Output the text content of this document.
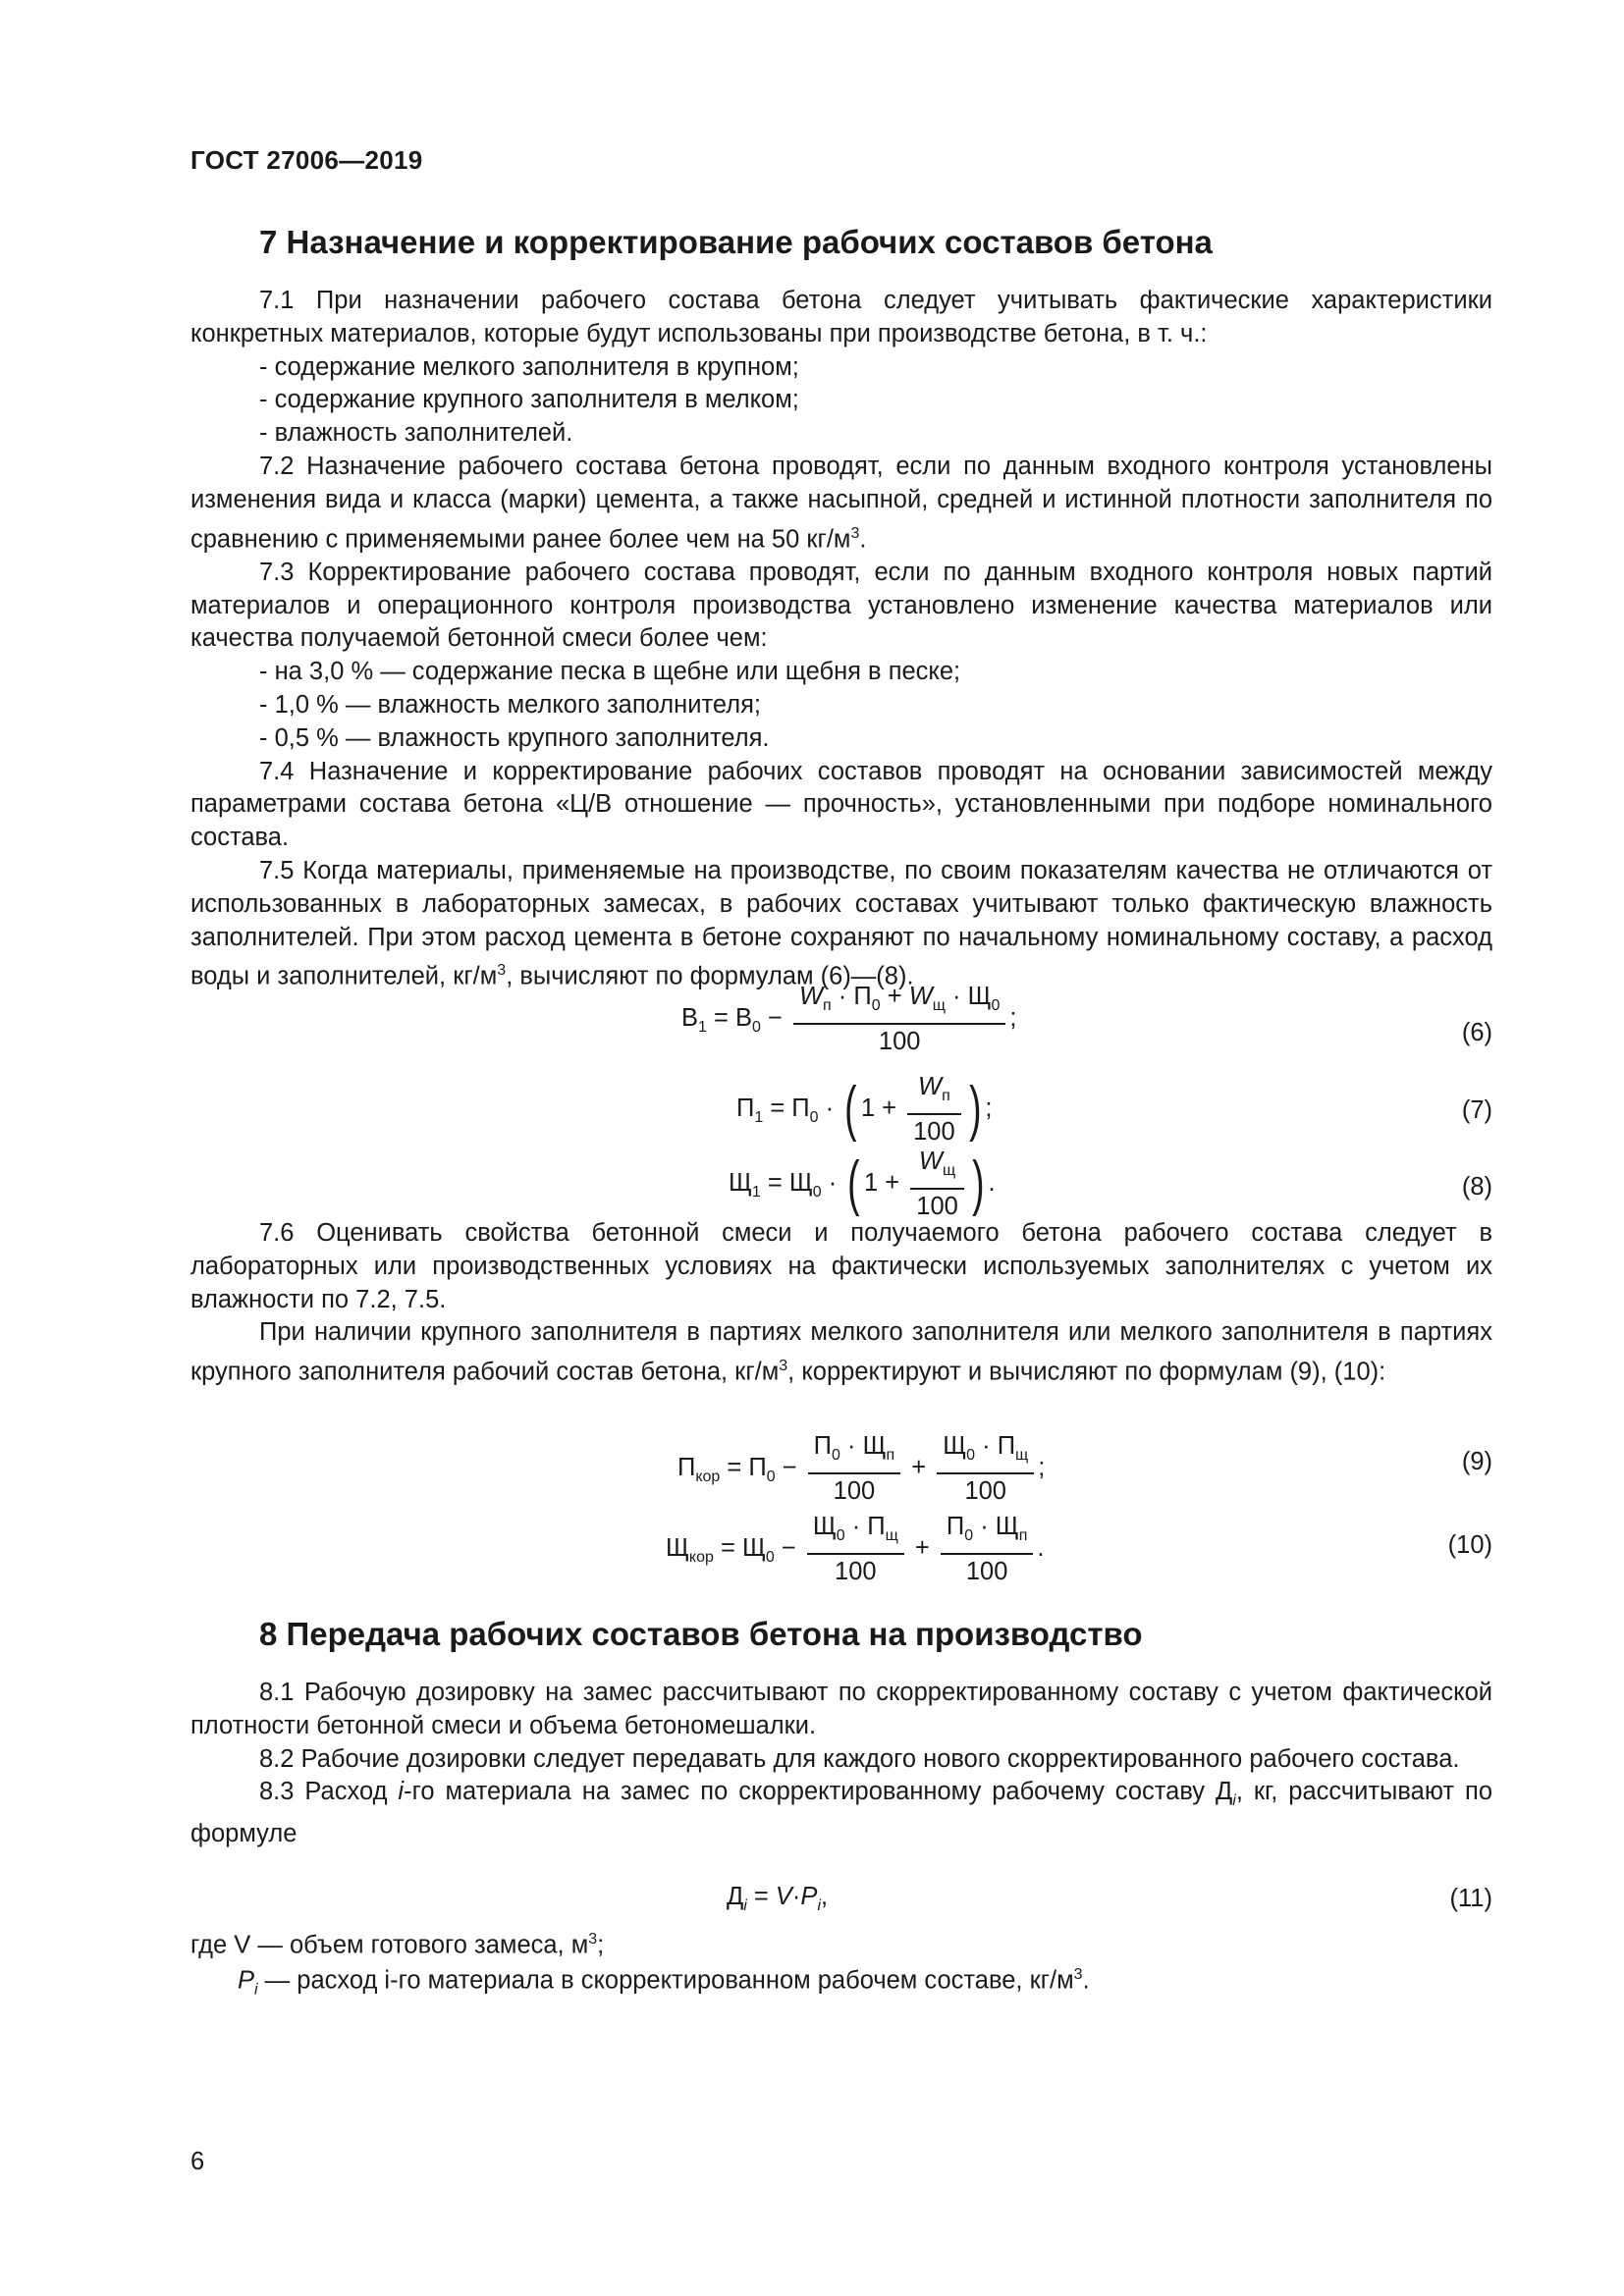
ГОСТ 27006—2019
7 Назначение и корректирование рабочих составов бетона

7.1 При назначении рабочего состава бетона следует учитывать фактические характеристики конкретных материалов, которые будут использованы при производстве бетона, в т. ч.:

- содержание мелкого заполнителя в крупном;

- содержание крупного заполнителя в мелком;

- влажность заполнителей.

7.2 Назначение рабочего состава бетона проводят, если по данным входного контроля установлены изменения вида и класса (марки) цемента, а также насыпной, средней и истинной плотности заполнителя по сравнению с применяемыми ранее более чем на 50 $кг/м^3$.

7.3 Корректирование рабочего состава проводят, если по данным входного контроля новых партий материалов и операционного контроля производства установлено изменение качества материалов или качества получаемой бетонной смеси более чем:

- на 3,0 % — содержание песка в щебне или щебня в песке;

- 1,0 % — влажность мелкого заполнителя;

- 0,5 % — влажность крупного заполнителя.

7.4 Назначение и корректирование рабочих составов проводят на основании зависимостей между параметрами состава бетона «Ц/В отношение — прочность», установленными при подборе номинального состава.

7.5 Когда материалы, применяемые на производстве, по своим показателям качества не отличаются от использованных в лабораторных замесах, в рабочих составах учитывают только фактическую влажность заполнителей. При этом расход цемента в бетоне сохраняют по начальному номинальному составу, а расход воды и заполнителей, $кг/м^3$, вычисляют по формулам (6)—(8).

$В_1 = В_0 - \frac{W_п \cdot П_0 + W_щ \cdot Щ_0}{100}$ ;
(6)
$П_1 = П_0$ · ( $1 + \frac{W_п}{100}$ ) ;	(7)
$Щ_1 = Щ_0$ · ( $1 + \frac{W_щ}{100}$ ) .	(8)

7.6 Оценивать свойства бетонной смеси и получаемого бетона рабочего состава следует в лабораторных или производственных условиях на фактически используемых заполнителях с учетом их влажности по 7.2, 7.5.

При наличии крупного заполнителя в партиях мелкого заполнителя или мелкого заполнителя в партиях крупного заполнителя рабочий состав бетона, $кг/м^3$, корректируют и вычисляют по формулам (9), (10):

$П_{кор} = П_0 - \frac{П_0 \cdot Щ_п}{100} + \frac{Щ_0 \cdot П_щ}{100}$ ;	(9)
$Щ_{кор} = Щ_0 - \frac{Щ_0 \cdot П_щ}{100} + \frac{П_0 \cdot Щ_п}{100}$ .	(10)
8 Передача рабочих составов бетона на производство

8.1 Рабочую дозировку на замес рассчитывают по скорректированному составу с учетом фактической плотности бетонной смеси и объема бетономешалки.

8.2 Рабочие дозировки следует передавать для каждого нового скорректированного рабочего состава.

8.3 Расход i-го материала на замес по скорректированному рабочему составу $Д_i$, кг, рассчитывают по формуле

$Д_i = V\cdot P_i$,	(11)
где V — объем готового замеса, $м^3$;
$P_i$ — расход i-го материала в скорректированном рабочем составе, $кг/м^3$.
6
